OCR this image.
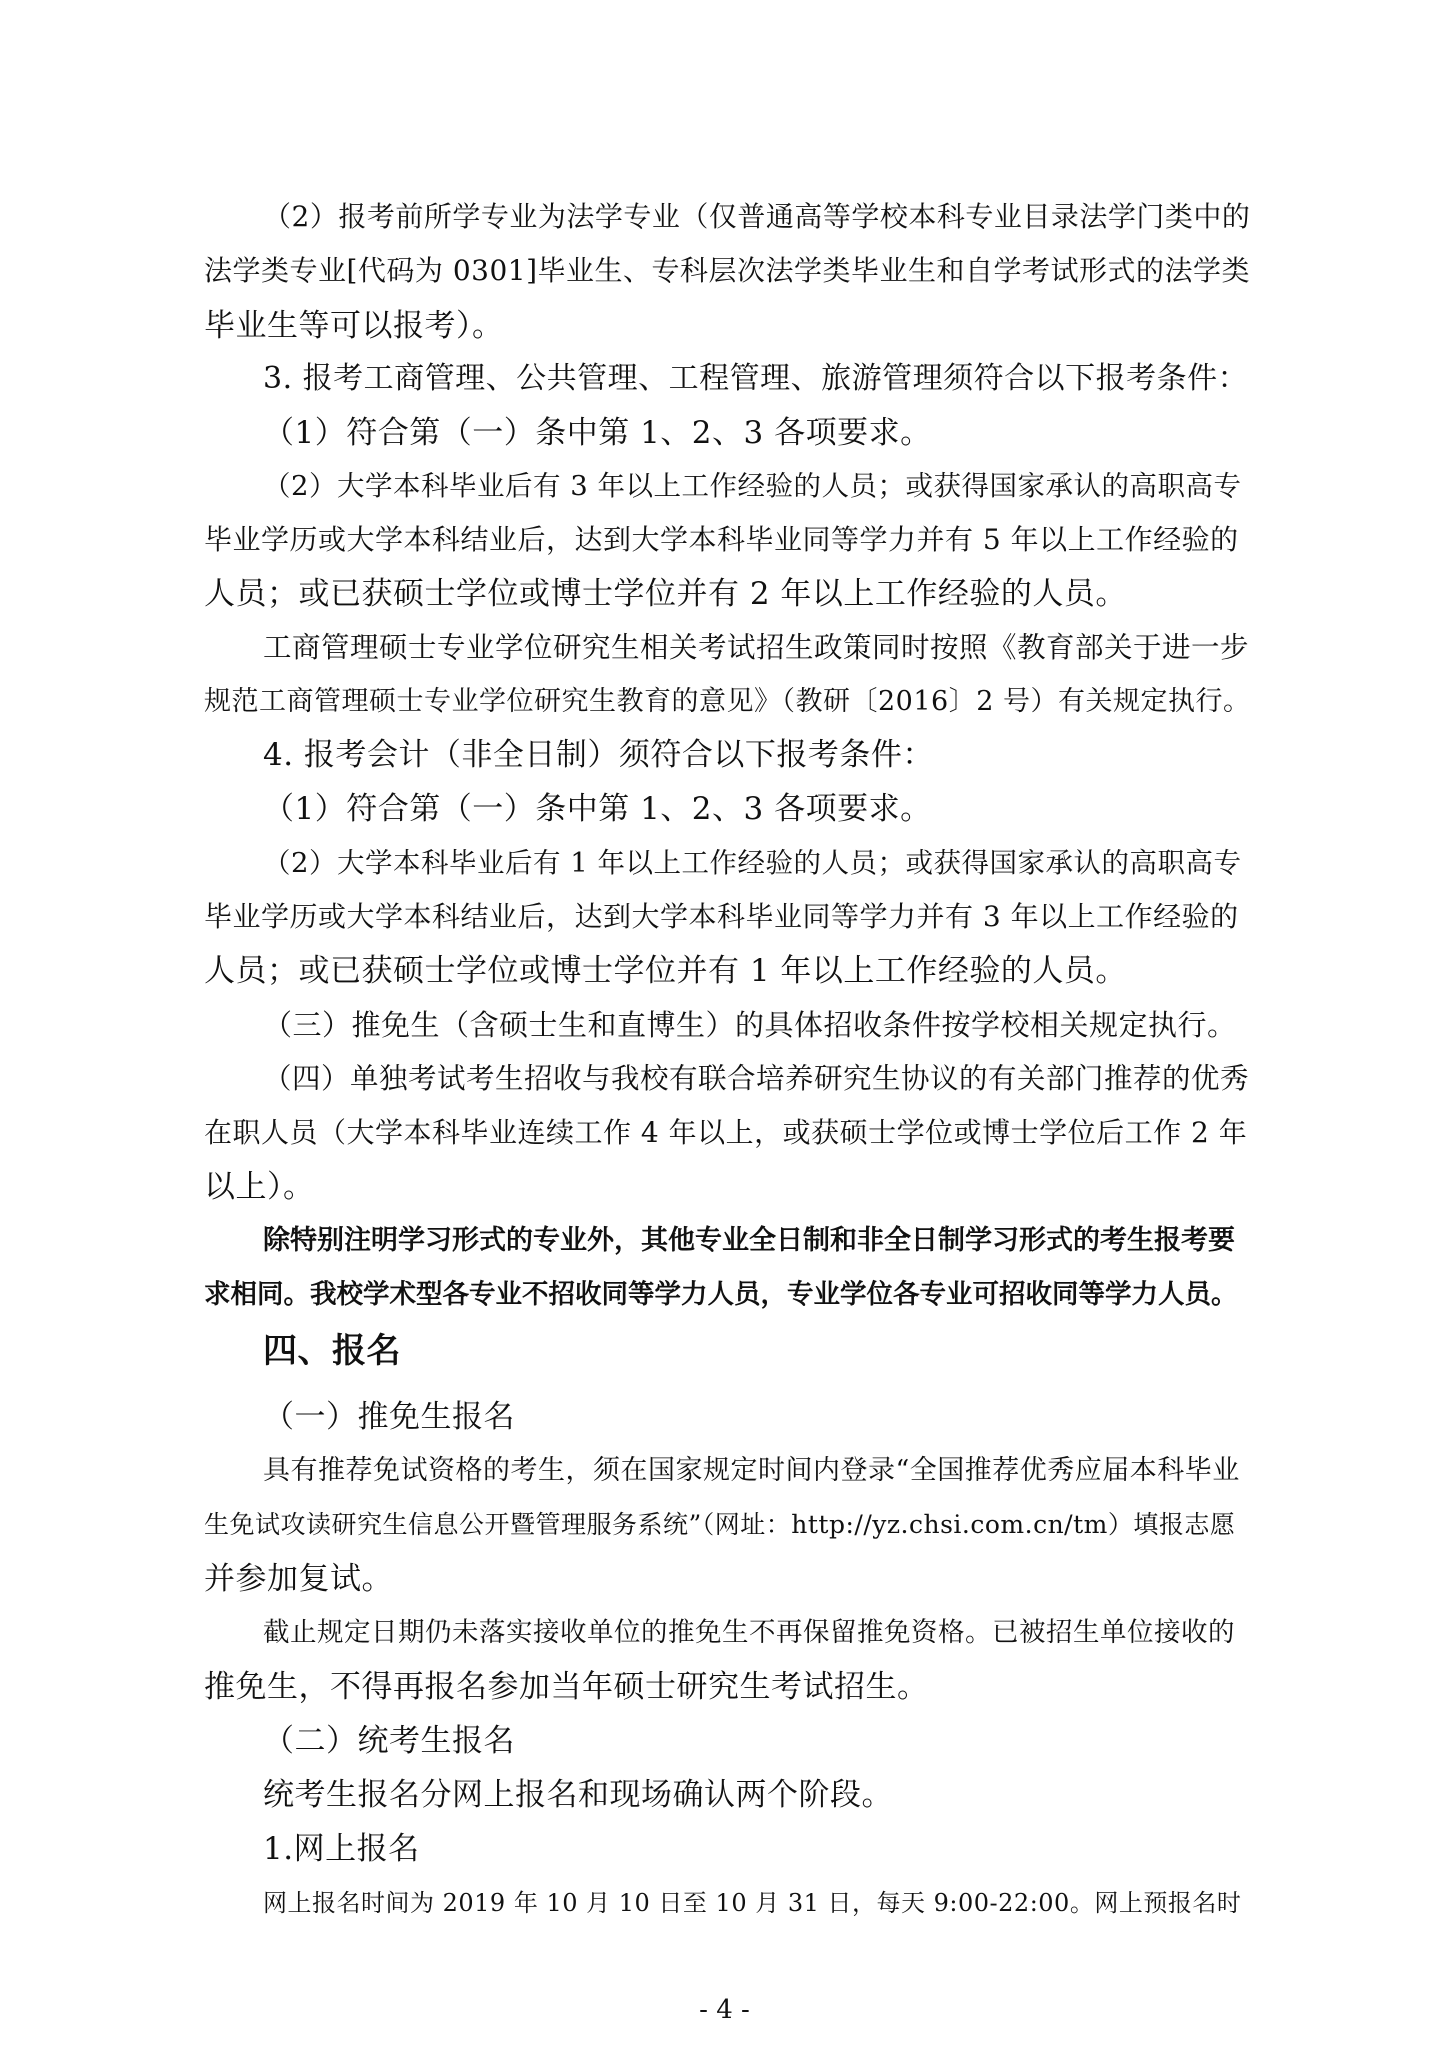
（2）报考前所学专业为法学专业（仅普通高等学校本科专业目录法学门类中的
法学类专业[代码为 0301]毕业生、专科层次法学类毕业生和自学考试形式的法学类
毕业生等可以报考）。
3. 报考工商管理、公共管理、工程管理、旅游管理须符合以下报考条件：
（1）符合第（一）条中第 1、2、3 各项要求。
（2）大学本科毕业后有 3 年以上工作经验的人员；或获得国家承认的高职高专
毕业学历或大学本科结业后，达到大学本科毕业同等学力并有 5 年以上工作经验的
人员；或已获硕士学位或博士学位并有 2 年以上工作经验的人员。
工商管理硕士专业学位研究生相关考试招生政策同时按照《教育部关于进一步
规范工商管理硕士专业学位研究生教育的意见》（教研〔2016〕2 号）有关规定执行。
4. 报考会计（非全日制）须符合以下报考条件：
（1）符合第（一）条中第 1、2、3 各项要求。
（2）大学本科毕业后有 1 年以上工作经验的人员；或获得国家承认的高职高专
毕业学历或大学本科结业后，达到大学本科毕业同等学力并有 3 年以上工作经验的
人员；或已获硕士学位或博士学位并有 1 年以上工作经验的人员。
（三）推免生（含硕士生和直博生）的具体招收条件按学校相关规定执行。
（四）单独考试考生招收与我校有联合培养研究生协议的有关部门推荐的优秀
在职人员（大学本科毕业连续工作 4 年以上，或获硕士学位或博士学位后工作 2 年
以上）。
除特别注明学习形式的专业外，其他专业全日制和非全日制学习形式的考生报考要
求相同。我校学术型各专业不招收同等学力人员，专业学位各专业可招收同等学力人员。
四、报名
（一）推免生报名
具有推荐免试资格的考生，须在国家规定时间内登录“全国推荐优秀应届本科毕业
生免试攻读研究生信息公开暨管理服务系统”（网址：http://yz.chsi.com.cn/tm）填报志愿
并参加复试。
截止规定日期仍未落实接收单位的推免生不再保留推免资格。已被招生单位接收的
推免生，不得再报名参加当年硕士研究生考试招生。
（二）统考生报名
统考生报名分网上报名和现场确认两个阶段。
1.网上报名
网上报名时间为 2019 年 10 月 10 日至 10 月 31 日，每天 9:00-22:00。网上预报名时
- 4 -
